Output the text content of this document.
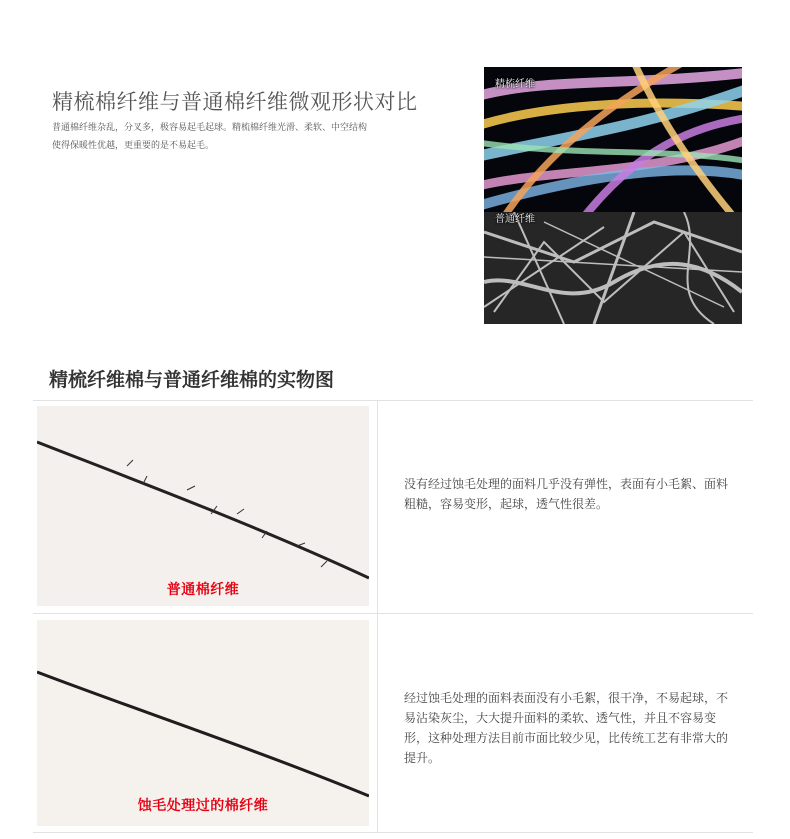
精梳棉纤维与普通棉纤维微观形状对比
普通棉纤维杂乱，分叉多，极容易起毛起球。精梳棉纤维光滑、柔软、中空结构使得保暖性优越，更重要的是不易起毛。
精梳纤维
普通纤维
精梳纤维棉与普通纤维棉的实物图
普通棉纤维
没有经过蚀毛处理的面料几乎没有弹性，表面有小毛絮、面料粗糙，容易变形，起球，透气性很差。
蚀毛处理过的棉纤维
经过蚀毛处理的面料表面没有小毛絮，很干净，不易起球，不易沾染灰尘，大大提升面料的柔软、透气性，并且不容易变形，这种处理方法目前市面比较少见，比传统工艺有非常大的提升。
